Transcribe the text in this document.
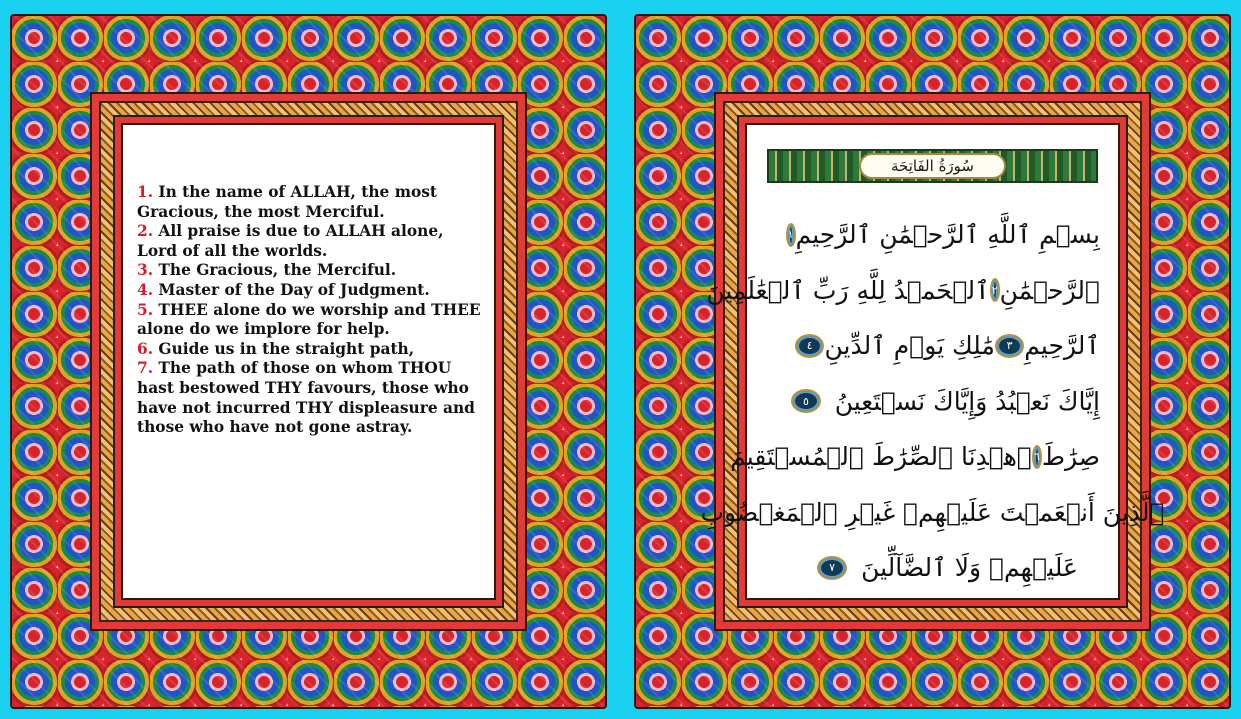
1. In the name of ALLAH, the most Gracious, the most Merciful.
2. All praise is due to ALLAH alone, Lord of all the worlds.
3. The Gracious, the Merciful.
4. Master of the Day of Judgment.
5. THEE alone do we worship and THEE alone do we implore for help.
6. Guide us in the straight path,
7. The path of those on whom THOU hast bestowed THY favours, those who have not incurred THY displeasure and those who have not gone astray.
سُورَةُ الفَاتِحَة
بِسۡمِ ٱللَّهِ ٱلرَّحۡمَٰنِ ٱلرَّحِيمِ
١
ٱلرَّحۡمَٰنِ
٢
ٱلۡحَمۡدُ لِلَّهِ رَبِّ ٱلۡعَٰلَمِينَ
ٱلرَّحِيمِ
٣
مَٰلِكِ يَوۡمِ ٱلدِّينِ
٤
إِيَّاكَ نَعۡبُدُ وَإِيَّاكَ نَسۡتَعِينُ
٥
صِرَٰطَ
٦
ٱهۡدِنَا ٱلصِّرَٰطَ ٱلۡمُسۡتَقِيمَ
ٱلَّذِينَ أَنۡعَمۡتَ عَلَيۡهِمۡ غَيۡرِ ٱلۡمَغۡضُوبِ
عَلَيۡهِمۡ وَلَا ٱلضَّآلِّينَ
٧
